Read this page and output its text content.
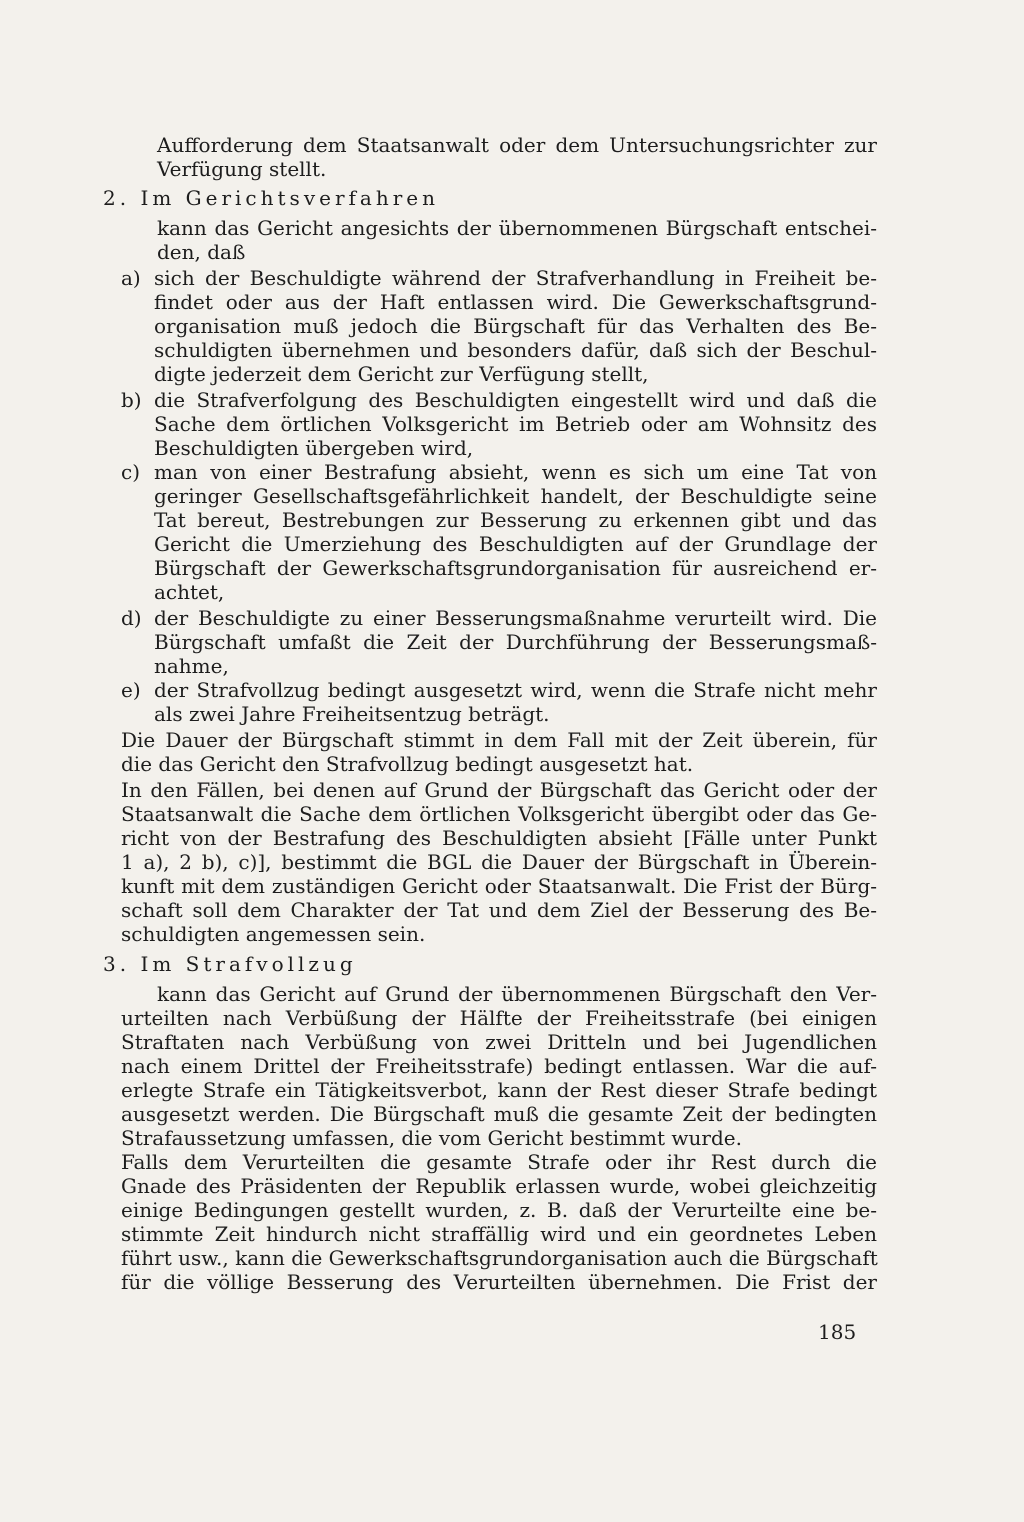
Aufforderung dem Staatsanwalt oder dem Untersuchungsrichter zur
Verfügung stellt.
2. Im Gerichtsverfahren
kann das Gericht angesichts der übernommenen Bürgschaft entschei-
den, daß
a) sich der Beschuldigte während der Strafverhandlung in Freiheit be-
findet oder aus der Haft entlassen wird. Die Gewerkschaftsgrund-
organisation muß jedoch die Bürgschaft für das Verhalten des Be-
schuldigten übernehmen und besonders dafür, daß sich der Beschul-
digte jederzeit dem Gericht zur Verfügung stellt,
b) die Strafverfolgung des Beschuldigten eingestellt wird und daß die
Sache dem örtlichen Volksgericht im Betrieb oder am Wohnsitz des
Beschuldigten übergeben wird,
c) man von einer Bestrafung absieht, wenn es sich um eine Tat von
geringer Gesellschaftsgefährlichkeit handelt, der Beschuldigte seine
Tat bereut, Bestrebungen zur Besserung zu erkennen gibt und das
Gericht die Umerziehung des Beschuldigten auf der Grundlage der
Bürgschaft der Gewerkschaftsgrundorganisation für ausreichend er-
achtet,
d) der Beschuldigte zu einer Besserungsmaßnahme verurteilt wird. Die
Bürgschaft umfaßt die Zeit der Durchführung der Besserungsmaß-
nahme,
e) der Strafvollzug bedingt ausgesetzt wird, wenn die Strafe nicht mehr
als zwei Jahre Freiheitsentzug beträgt.
Die Dauer der Bürgschaft stimmt in dem Fall mit der Zeit überein, für
die das Gericht den Strafvollzug bedingt ausgesetzt hat.
In den Fällen, bei denen auf Grund der Bürgschaft das Gericht oder der
Staatsanwalt die Sache dem örtlichen Volksgericht übergibt oder das Ge-
richt von der Bestrafung des Beschuldigten absieht [Fälle unter Punkt
1 a), 2 b), c)], bestimmt die BGL die Dauer der Bürgschaft in Überein-
kunft mit dem zuständigen Gericht oder Staatsanwalt. Die Frist der Bürg-
schaft soll dem Charakter der Tat und dem Ziel der Besserung des Be-
schuldigten angemessen sein.
3. Im Strafvollzug
kann das Gericht auf Grund der übernommenen Bürgschaft den Ver-
urteilten nach Verbüßung der Hälfte der Freiheitsstrafe (bei einigen
Straftaten nach Verbüßung von zwei Dritteln und bei Jugendlichen
nach einem Drittel der Freiheitsstrafe) bedingt entlassen. War die auf-
erlegte Strafe ein Tätigkeitsverbot, kann der Rest dieser Strafe bedingt
ausgesetzt werden. Die Bürgschaft muß die gesamte Zeit der bedingten
Strafaussetzung umfassen, die vom Gericht bestimmt wurde.
Falls dem Verurteilten die gesamte Strafe oder ihr Rest durch die
Gnade des Präsidenten der Republik erlassen wurde, wobei gleichzeitig
einige Bedingungen gestellt wurden, z. B. daß der Verurteilte eine be-
stimmte Zeit hindurch nicht straffällig wird und ein geordnetes Leben
führt usw., kann die Gewerkschaftsgrundorganisation auch die Bürgschaft
für die völlige Besserung des Verurteilten übernehmen. Die Frist der
185
